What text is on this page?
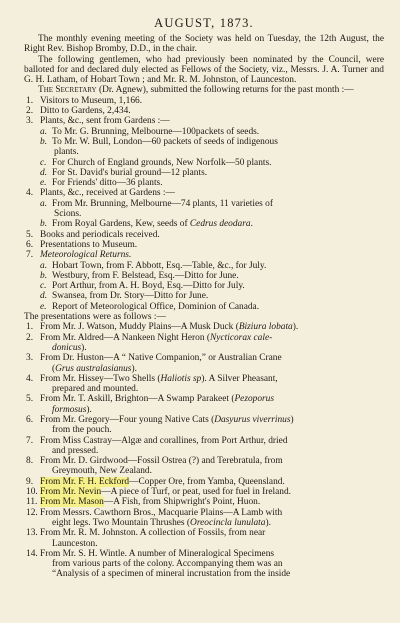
AUGUST, 1873.

The monthly evening meeting of the Society was held on Tuesday, the 12th August, the Right Rev. Bishop Bromby, D.D., in the chair.

The following gentlemen, who had previously been nominated by the Council, were balloted for and declared duly elected as Fellows of the Society, viz., Messrs. J. A. Turner and G. H. Latham, of Hobart Town ; and Mr. R. M. Johnston, of Launceston.

The Secretary (Dr. Agnew), submitted the following returns for the past month :—

1. Visitors to Museum, 1,166.
2. Ditto to Gardens, 2,434.
3. Plants, &c., sent from Gardens :—
a. To Mr. G. Brunning, Melbourne—100packets of seeds.
b. To Mr. W. Bull, London—60 packets of seeds of indigenous
plants.
c. For Church of England grounds, New Norfolk—50 plants.
d. For St. David's burial ground—12 plants.
e. For Friends' ditto—36 plants.
4. Plants, &c., received at Gardens :—
a. From Mr. Brunning, Melbourne—74 plants, 11 varieties of
Scions.
b. From Royal Gardens, Kew, seeds of Cedrus deodara.
5. Books and periodicals received.
6. Presentations to Museum.
7. Meteorological Returns.
a. Hobart Town, from F. Abbott, Esq.—Table, &c., for July.
b. Westbury, from F. Belstead, Esq.—Ditto for June.
c. Port Arthur, from A. H. Boyd, Esq.—Ditto for July.
d. Swansea, from Dr. Story—Ditto for June.
e. Report of Meteorological Office, Dominion of Canada.
The presentations were as follows :—
1. From Mr. J. Watson, Muddy Plains—A Musk Duck (Biziura lobata).
2. From Mr. Aldred—A Nankeen Night Heron (Nycticorax cale-
donicus).
3. From Dr. Huston—A “ Native Companion,” or Australian Crane
(Grus australasianus).
4. From Mr. Hissey—Two Shells (Haliotis sp). A Silver Pheasant,
prepared and mounted.
5. From Mr. T. Askill, Brighton—A Swamp Parakeet (Pezoporus
formosus).
6. From Mr. Gregory—Four young Native Cats (Dasyurus viverrinus)
from the pouch.
7. From Miss Castray—Algæ and corallines, from Port Arthur, dried
and pressed.
8. From Mr. D. Girdwood—Fossil Ostrea (?) and Terebratula, from
Greymouth, New Zealand.
9. From Mr. F. H. Eckford—Copper Ore, from Yamba, Queensland.
10. From Mr. Nevin—A piece of Turf, or peat, used for fuel in Ireland.
11. From Mr. Mason—A Fish, from Shipwright's Point, Huon.
12. From Messrs. Cawthorn Bros., Macquarie Plains—A Lamb with
eight legs. Two Mountain Thrushes (Oreocincla lunulata).
13. From Mr. R. M. Johnston. A collection of Fossils, from near
Launceston.
14. From Mr. S. H. Wintle. A number of Mineralogical Specimens
from various parts of the colony. Accompanying them was an
“Analysis of a specimen of mineral incrustation from the inside
